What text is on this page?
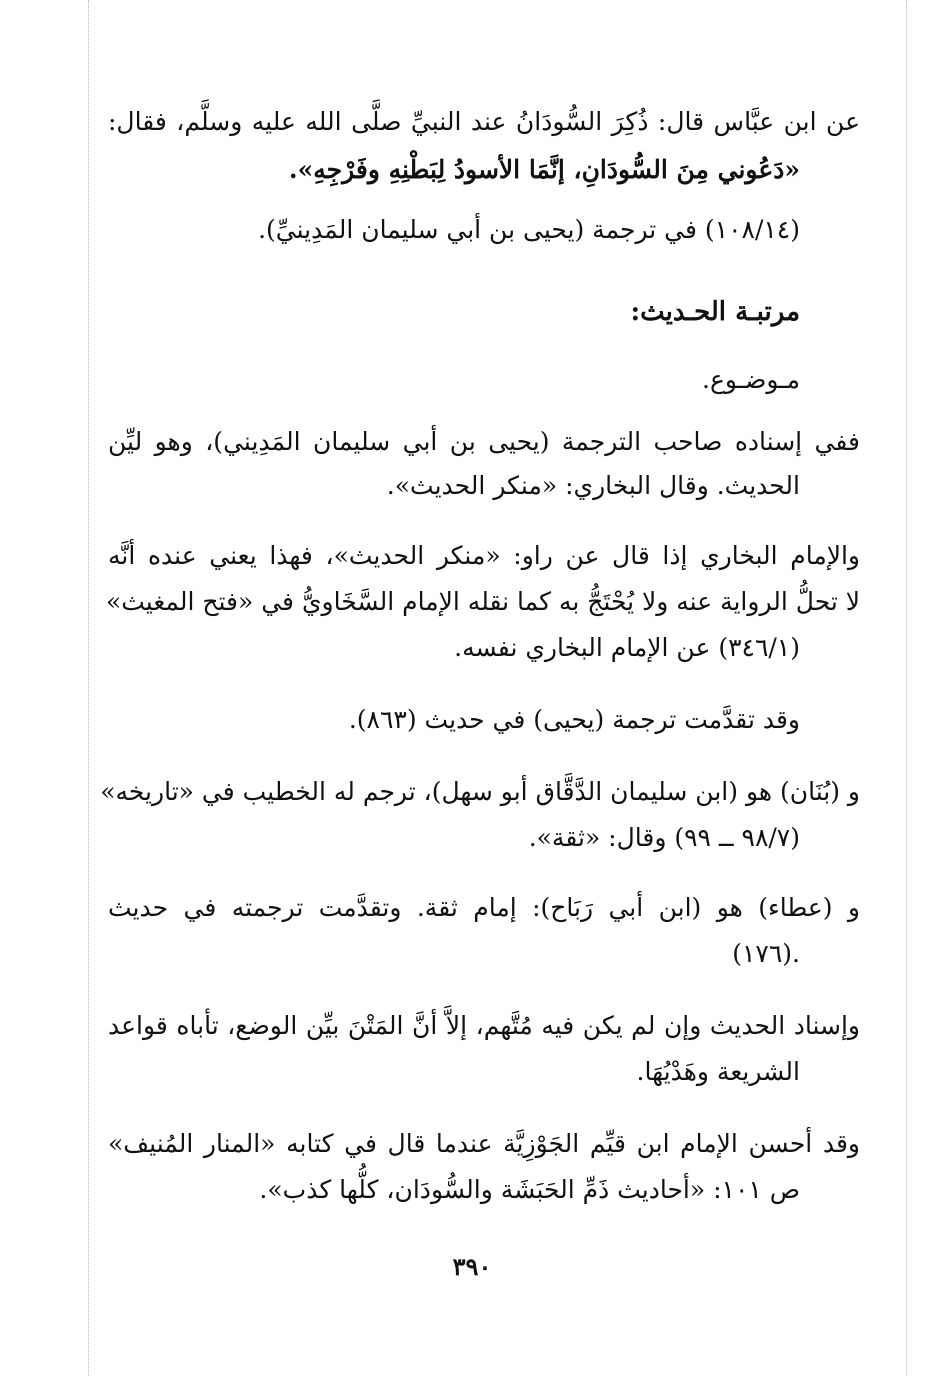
عن ابن عبَّاس قال: ذُكِرَ السُّودَانُ عند النبيِّ صلَّى الله عليه وسلَّم، فقال:
«دَعُوني مِنَ السُّودَانِ، إنَّمَا الأسودُ لِبَطْنِهِ وفَرْجِهِ».
(١٠٨/١٤) في ترجمة (يحيى بن أبي سليمان المَدِينيِّ).
مرتبـة الحـديث:
مـوضـوع.
ففي إسناده صاحب الترجمة (يحيى بن أبي سليمان المَدِيني)، وهو ليِّن
الحديث. وقال البخاري: «منكر الحديث».
والإمام البخاري إذا قال عن راو: «منكر الحديث»، فهذا يعني عنده أنَّه
لا تحلُّ الرواية عنه ولا يُحْتَجُّ به كما نقله الإمام السَّخَاويُّ في «فتح المغيث»
(٣٤٦/١) عن الإمام البخاري نفسه.
وقد تقدَّمت ترجمة (يحيى) في حديث (٨٦٣).
و (بُنَان) هو (ابن سليمان الدَّقَّاق أبو سهل)، ترجم له الخطيب في «تاريخه»
(٩٨/٧ ــ ٩٩) وقال: «ثقة».
و (عطاء) هو (ابن أبي رَبَاح): إمام ثقة. وتقدَّمت ترجمته في حديث
(١٧٦).
وإسناد الحديث وإن لم يكن فيه مُتَّهم، إلاَّ أنَّ المَتْنَ بيِّن الوضع، تأباه قواعد
الشريعة وهَدْيُهَا.
وقد أحسن الإمام ابن قيِّم الجَوْزِيَّة عندما قال في كتابه «المنار المُنيف»
ص ١٠١: «أحاديث ذَمِّ الحَبَشَة والسُّودَان، كلُّها كذب».
٣٩٠
